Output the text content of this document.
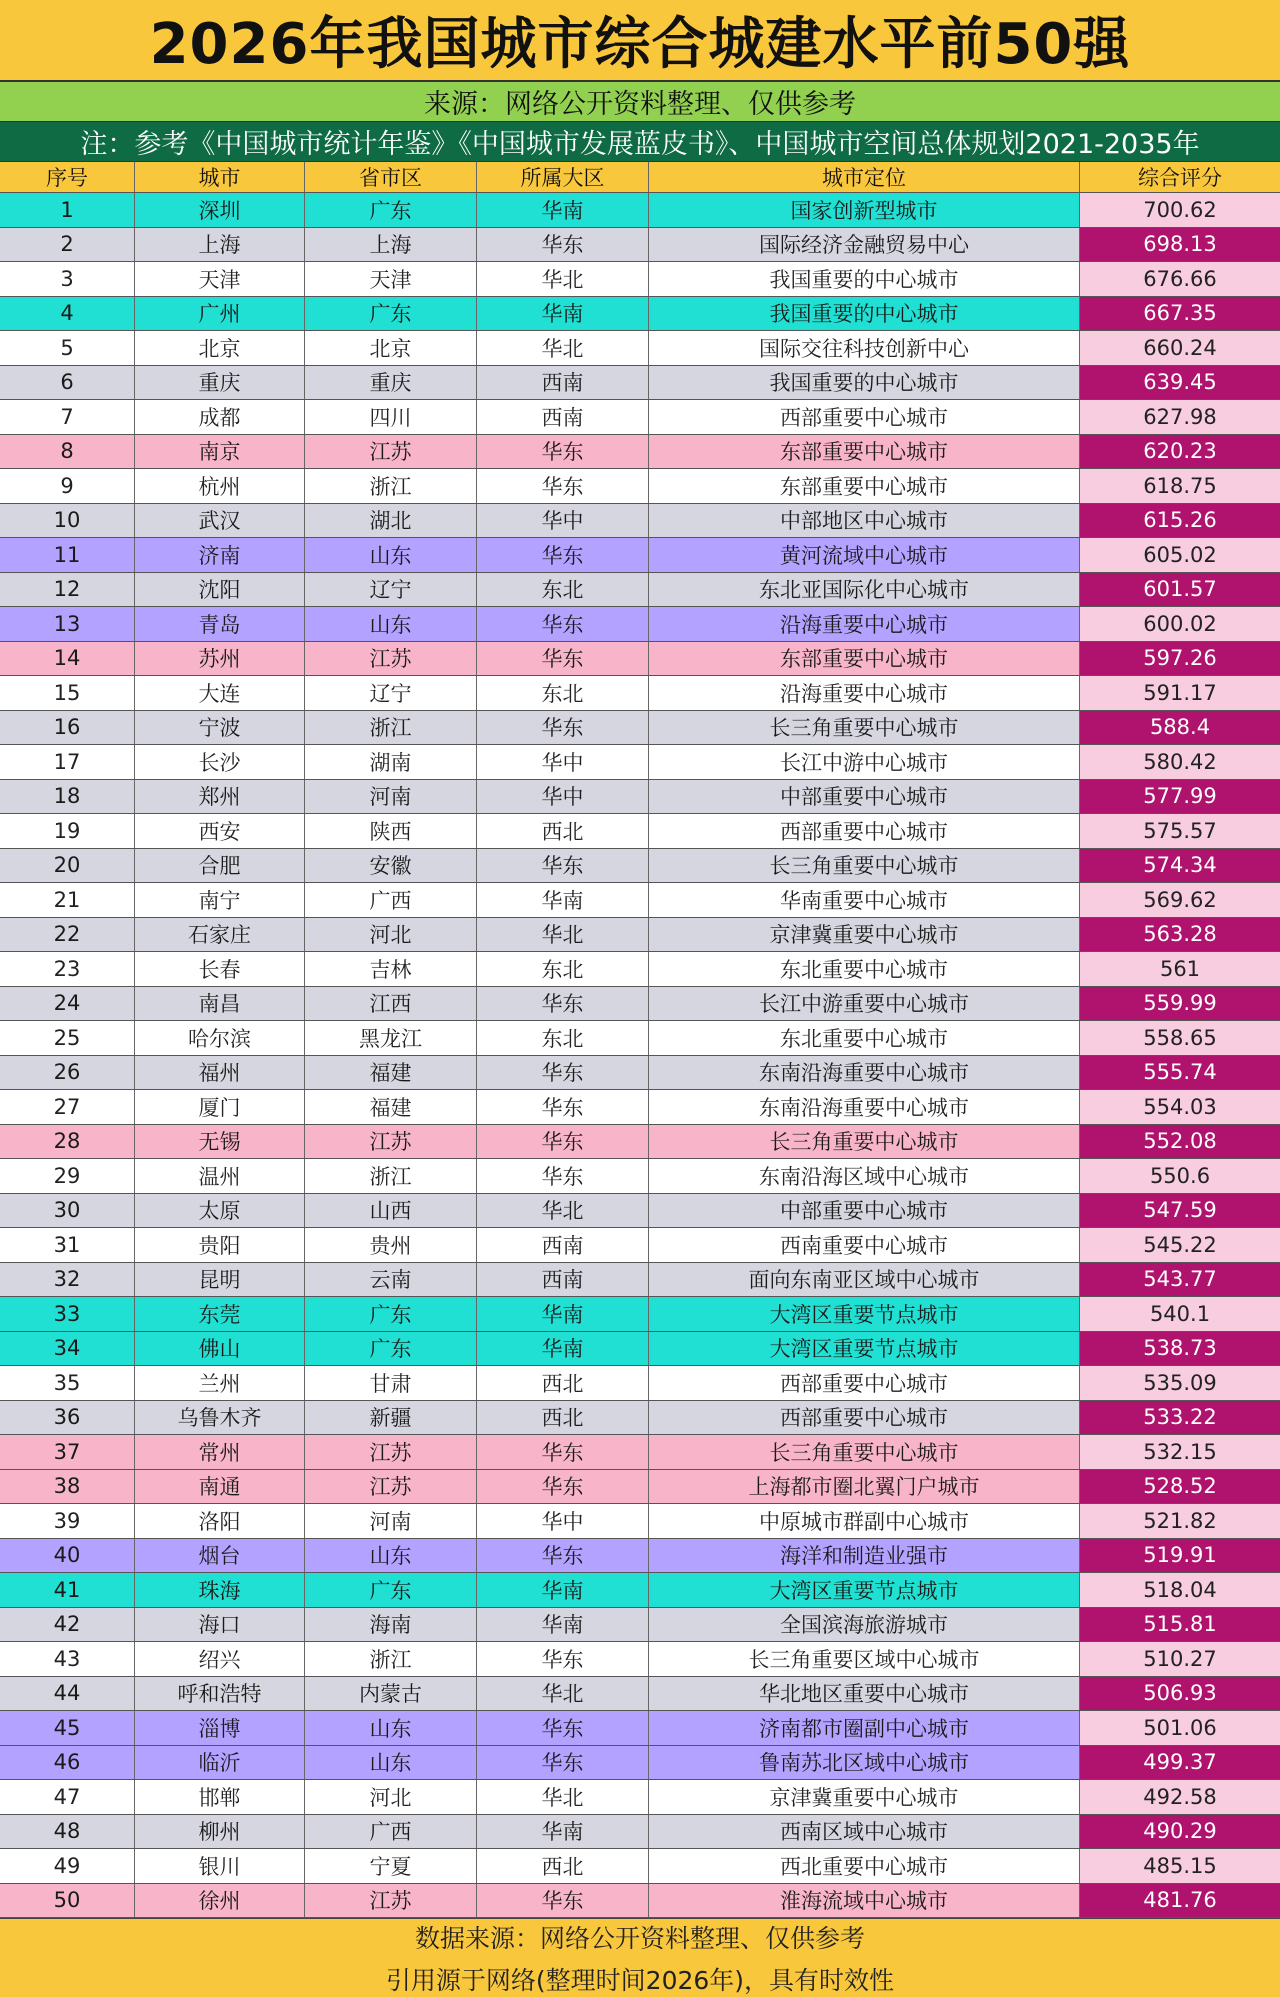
2026年我国城市综合城建水平前50强
来源：网络公开资料整理、仅供参考
注：参考《中国城市统计年鉴》《中国城市发展蓝皮书》、中国城市空间总体规划2021-2035年
序号	城市	省市区	所属大区	城市定位	综合评分
1	深圳	广东	华南	国家创新型城市	700.62
2	上海	上海	华东	国际经济金融贸易中心	698.13
3	天津	天津	华北	我国重要的中心城市	676.66
4	广州	广东	华南	我国重要的中心城市	667.35
5	北京	北京	华北	国际交往科技创新中心	660.24
6	重庆	重庆	西南	我国重要的中心城市	639.45
7	成都	四川	西南	西部重要中心城市	627.98
8	南京	江苏	华东	东部重要中心城市	620.23
9	杭州	浙江	华东	东部重要中心城市	618.75
10	武汉	湖北	华中	中部地区中心城市	615.26
11	济南	山东	华东	黄河流域中心城市	605.02
12	沈阳	辽宁	东北	东北亚国际化中心城市	601.57
13	青岛	山东	华东	沿海重要中心城市	600.02
14	苏州	江苏	华东	东部重要中心城市	597.26
15	大连	辽宁	东北	沿海重要中心城市	591.17
16	宁波	浙江	华东	长三角重要中心城市	588.4
17	长沙	湖南	华中	长江中游中心城市	580.42
18	郑州	河南	华中	中部重要中心城市	577.99
19	西安	陕西	西北	西部重要中心城市	575.57
20	合肥	安徽	华东	长三角重要中心城市	574.34
21	南宁	广西	华南	华南重要中心城市	569.62
22	石家庄	河北	华北	京津冀重要中心城市	563.28
23	长春	吉林	东北	东北重要中心城市	561
24	南昌	江西	华东	长江中游重要中心城市	559.99
25	哈尔滨	黑龙江	东北	东北重要中心城市	558.65
26	福州	福建	华东	东南沿海重要中心城市	555.74
27	厦门	福建	华东	东南沿海重要中心城市	554.03
28	无锡	江苏	华东	长三角重要中心城市	552.08
29	温州	浙江	华东	东南沿海区域中心城市	550.6
30	太原	山西	华北	中部重要中心城市	547.59
31	贵阳	贵州	西南	西南重要中心城市	545.22
32	昆明	云南	西南	面向东南亚区域中心城市	543.77
33	东莞	广东	华南	大湾区重要节点城市	540.1
34	佛山	广东	华南	大湾区重要节点城市	538.73
35	兰州	甘肃	西北	西部重要中心城市	535.09
36	乌鲁木齐	新疆	西北	西部重要中心城市	533.22
37	常州	江苏	华东	长三角重要中心城市	532.15
38	南通	江苏	华东	上海都市圈北翼门户城市	528.52
39	洛阳	河南	华中	中原城市群副中心城市	521.82
40	烟台	山东	华东	海洋和制造业强市	519.91
41	珠海	广东	华南	大湾区重要节点城市	518.04
42	海口	海南	华南	全国滨海旅游城市	515.81
43	绍兴	浙江	华东	长三角重要区域中心城市	510.27
44	呼和浩特	内蒙古	华北	华北地区重要中心城市	506.93
45	淄博	山东	华东	济南都市圈副中心城市	501.06
46	临沂	山东	华东	鲁南苏北区域中心城市	499.37
47	邯郸	河北	华北	京津冀重要中心城市	492.58
48	柳州	广西	华南	西南区域中心城市	490.29
49	银川	宁夏	西北	西北重要中心城市	485.15
50	徐州	江苏	华东	淮海流域中心城市	481.76
数据来源：网络公开资料整理、仅供参考
引用源于网络(整理时间2026年)，具有时效性
